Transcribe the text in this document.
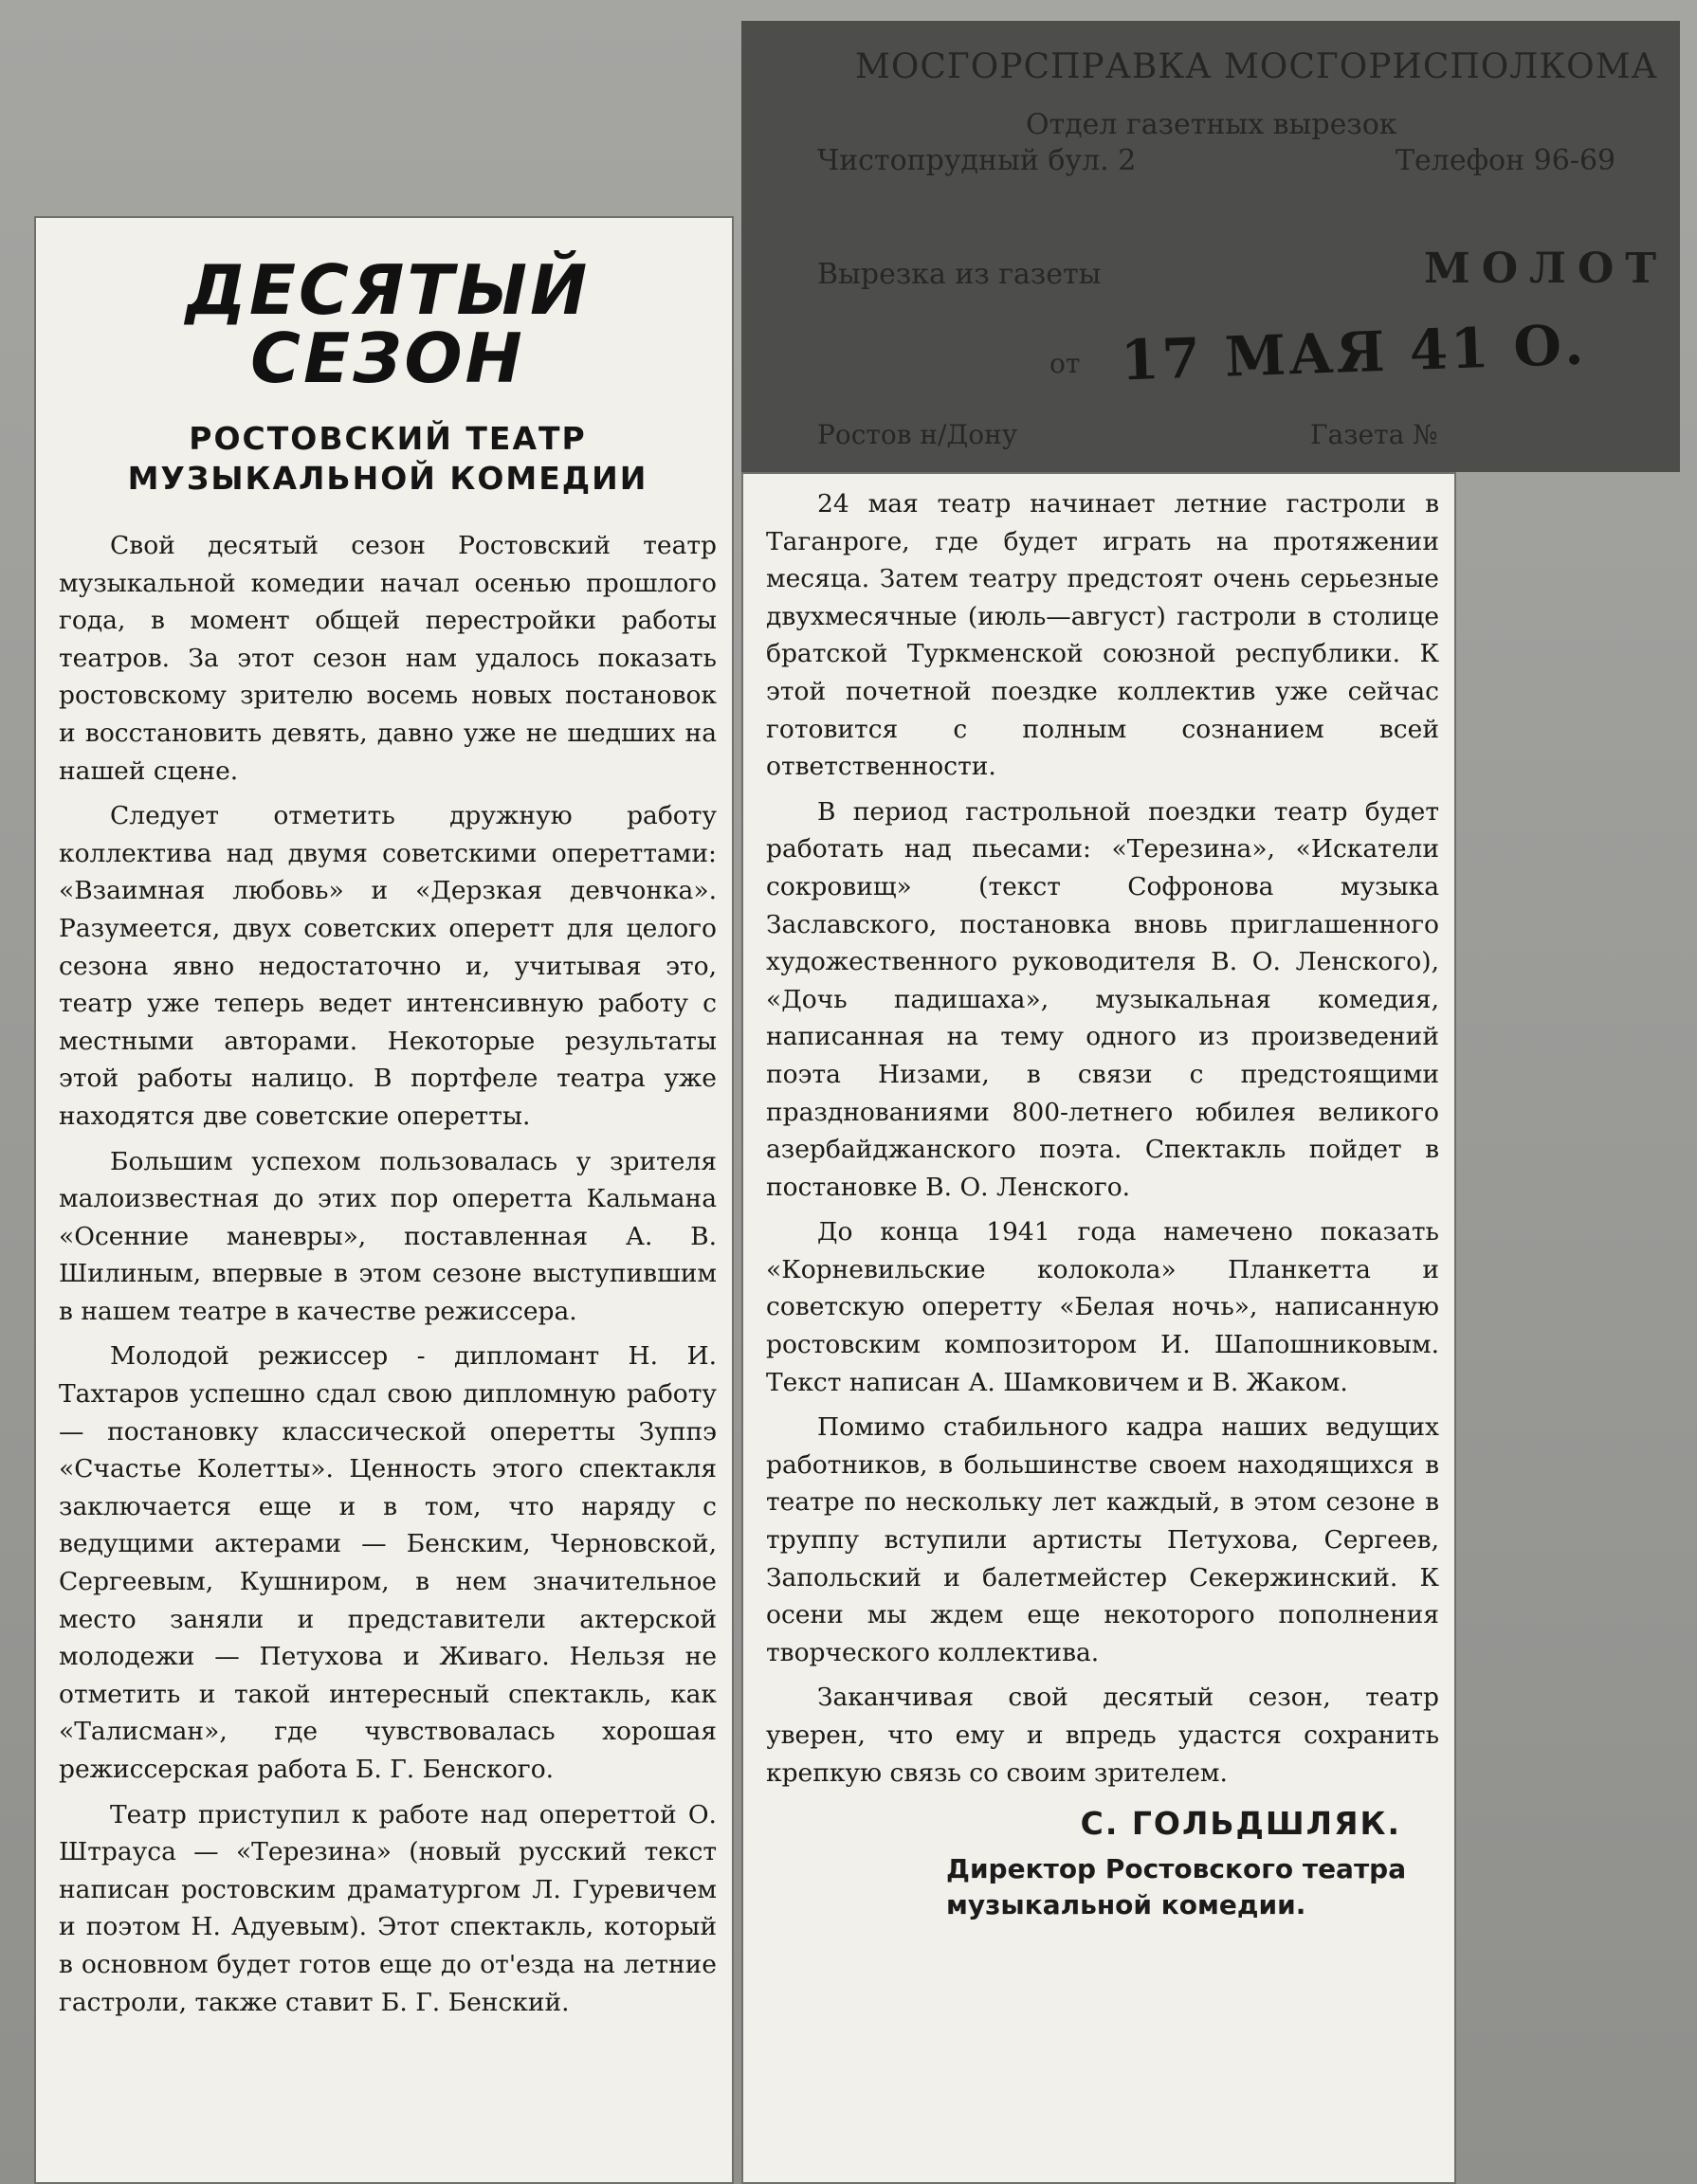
ДЕСЯТЫЙ СЕЗОН
РОСТОВСКИЙ ТЕАТР
МУЗЫКАЛЬНОЙ КОМЕДИИ

Свой десятый сезон Ростовский театр музыкальной комедии начал осенью прошлого года, в момент общей перестройки работы театров. За этот сезон нам удалось показать ростовскому зрителю восемь новых постановок и восстановить девять, давно уже не шедших на нашей сцене.

Следует отметить дружную работу коллектива над двумя советскими опереттами: «Взаимная любовь» и «Дерзкая девчонка». Разумеется, двух советских оперетт для целого сезона явно недостаточно и, учитывая это, театр уже теперь ведет интенсивную работу с местными авторами. Некоторые результаты этой работы налицо. В портфеле театра уже находятся две советские оперетты.

Большим успехом пользовалась у зрителя малоизвестная до этих пор оперетта Кальмана «Осенние маневры», поставленная А. В. Шилиным, впервые в этом сезоне выступившим в нашем театре в качестве режиссера.

Молодой режиссер - дипломант Н. И. Тахтаров успешно сдал свою дипломную работу — постановку классической оперетты Зуппэ «Счастье Колетты». Ценность этого спектакля заключается еще и в том, что наряду с ведущими актерами — Бенским, Черновской, Сергеевым, Кушниром, в нем значительное место заняли и представители актерской молодежи — Петухова и Живаго. Нельзя не отметить и такой интересный спектакль, как «Талисман», где чувствовалась хорошая режиссерская работа Б. Г. Бенского.

Театр приступил к работе над опереттой О. Штрауса — «Терезина» (новый русский текст написан ростовским драматургом Л. Гуревичем и поэтом Н. Адуевым). Этот спектакль, который в основном будет готов еще до от'езда на летние гастроли, также ставит Б. Г. Бенский.

24 мая театр начинает летние гастроли в Таганроге, где будет играть на протяжении месяца. Затем театру предстоят очень серьезные двухмесячные (июль—август) гастроли в столице братской Туркменской союзной республики. К этой почетной поездке коллектив уже сейчас готовится с полным сознанием всей ответственности.

В период гастрольной поездки театр будет работать над пьесами: «Терезина», «Искатели сокровищ» (текст Софронова музыка Заславского, постановка вновь приглашенного художественного руководителя В. О. Ленского), «Дочь падишаха», музыкальная комедия, написанная на тему одного из произведений поэта Низами, в связи с предстоящими празднованиями 800-летнего юбилея великого азербайджанского поэта. Спектакль пойдет в постановке В. О. Ленского.

До конца 1941 года намечено показать «Корневильские колокола» Планкетта и советскую оперетту «Белая ночь», написанную ростовским композитором И. Шапошниковым. Текст написан А. Шамковичем и В. Жаком.

Помимо стабильного кадра наших ведущих работников, в большинстве своем находящихся в театре по нескольку лет каждый, в этом сезоне в труппу вступили артисты Петухова, Сергеев, Запольский и балетмейстер Секержинский. К осени мы ждем еще некоторого пополнения творческого коллектива.

Заканчивая свой десятый сезон, театр уверен, что ему и впредь удастся сохранить крепкую связь со своим зрителем.

С. ГОЛЬДШЛЯК.
Директор Ростовского театра
музыкальной комедии.
МОСГОРСПРАВКА МОСГОРИСПОЛКОМА
Отдел газетных вырезок
Чистопрудный бул. 2	Телефон 96-69
Вырезка из газеты	МОЛОТ
от 17 МАЯ 41 О.
Ростов н/Дону	Газета №
